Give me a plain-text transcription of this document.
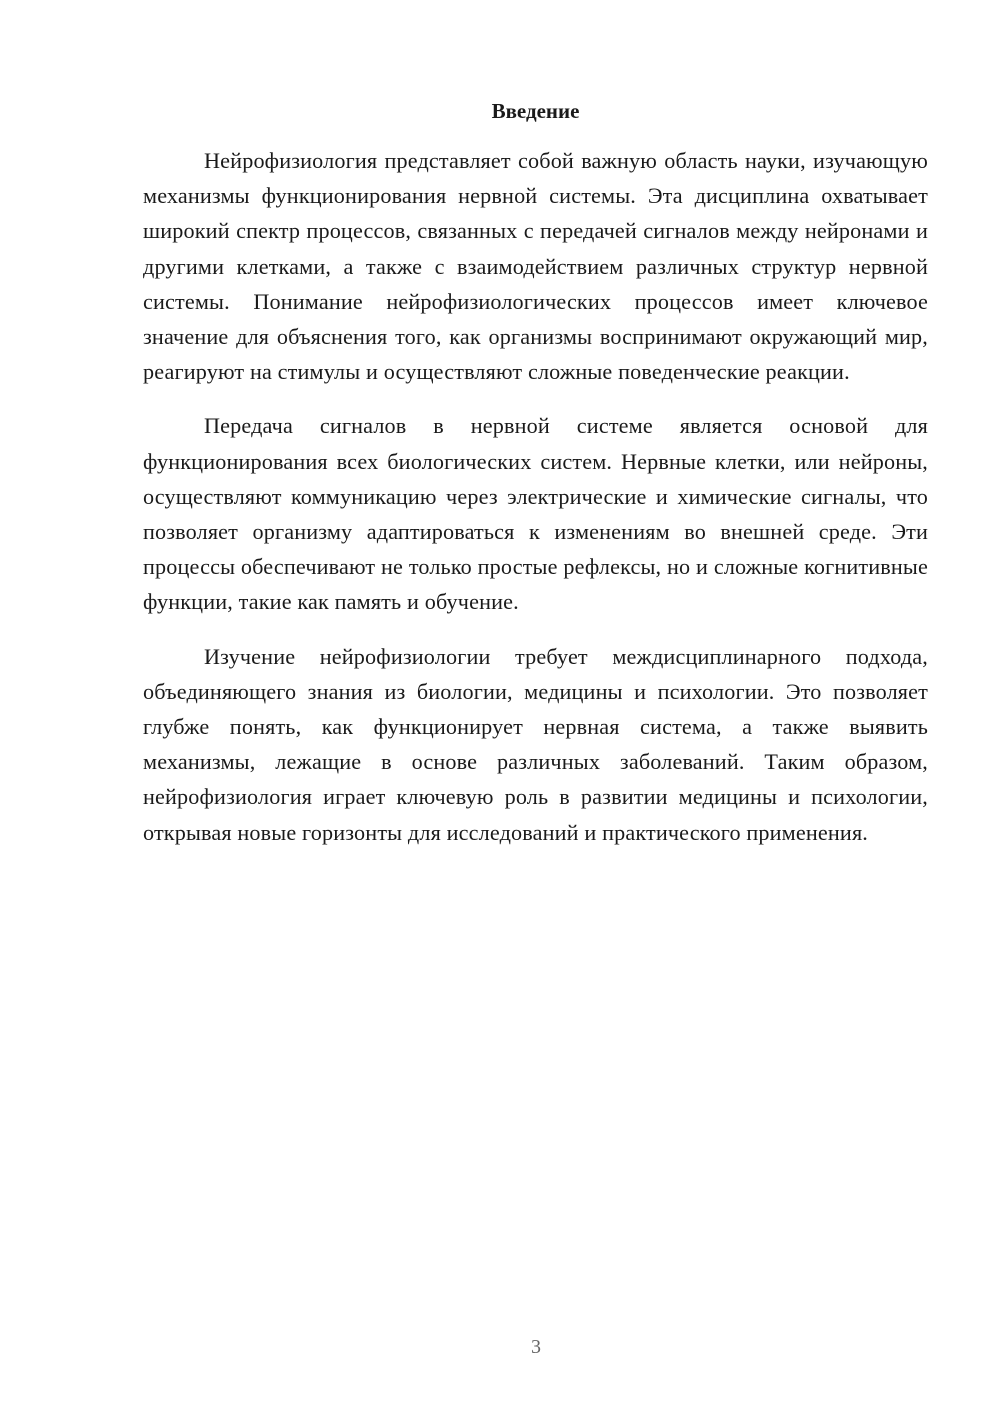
Введение

Нейрофизиология представляет собой важную область науки, изучающую механизмы функционирования нервной системы. Эта дисциплина охватывает широкий спектр процессов, связанных с передачей сигналов между нейронами и другими клетками, а также с взаимодействием различных структур нервной системы. Понимание нейрофизиологических процессов имеет ключевое значение для объяснения того, как организмы воспринимают окружающий мир, реагируют на стимулы и осуществляют сложные поведенческие реакции.

Передача сигналов в нервной системе является основой для функционирования всех биологических систем. Нервные клетки, или нейроны, осуществляют коммуникацию через электрические и химические сигналы, что позволяет организму адаптироваться к изменениям во внешней среде. Эти процессы обеспечивают не только простые рефлексы, но и сложные когнитивные функции, такие как память и обучение.

Изучение нейрофизиологии требует междисциплинарного подхода, объединяющего знания из биологии, медицины и психологии. Это позволяет глубже понять, как функционирует нервная система, а также выявить механизмы, лежащие в основе различных заболеваний. Таким образом, нейрофизиология играет ключевую роль в развитии медицины и психологии, открывая новые горизонты для исследований и практического применения.

3
